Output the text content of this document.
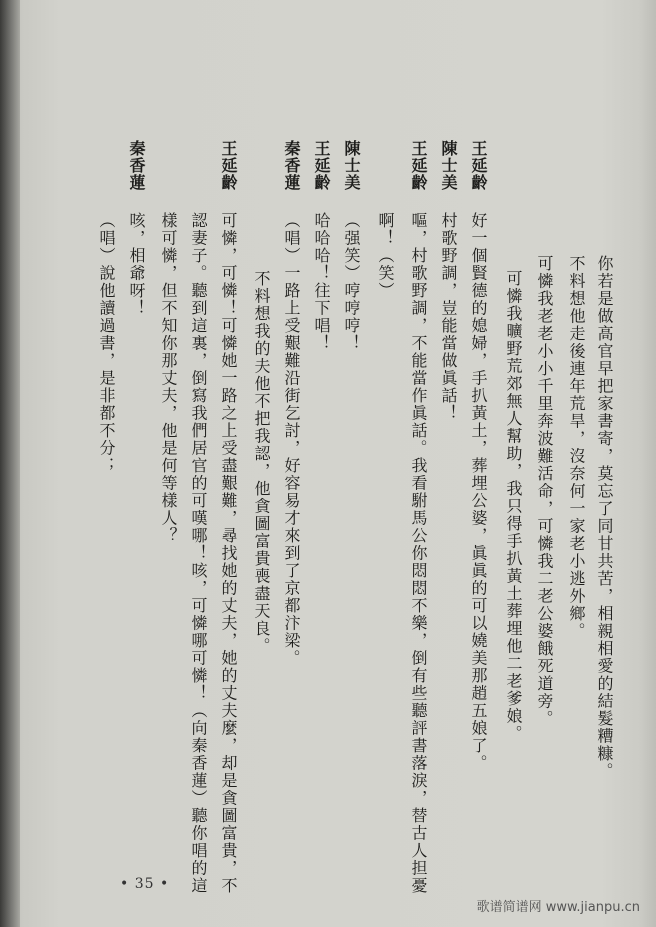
你若是做高官早把家書寄，莫忘了同甘共苦，相親相愛的結髮糟糠。
不料想他走後連年荒旱，沒奈何一家老小逃外鄉。
可憐我老老小小千里奔波難活命，可憐我二老公婆餓死道旁。
可憐我曠野荒郊無人幫助，我只得手扒黃土葬埋他二老爹娘。
王延齡
好一個賢德的媳婦，手扒黃土，葬埋公婆，眞眞的可以嬈美那趙五娘了。
陳士美
村歌野調，豈能當做眞話！
王延齡
嘔，村歌野調，不能當作眞話。我看駙馬公你悶悶不樂，倒有些聽評書落淚，替古人担憂
啊！（笑）
陳士美
（强笑）哼哼哼！
王延齡
哈哈哈！往下唱！
秦香蓮
（唱）一路上受艱難沿街乞討，好容易才來到了京都汴梁。
不料想我的夫他不把我認，他貪圖富貴喪盡天良。
王延齡
可憐，可憐！可憐她一路之上受盡艱難，尋找她的丈夫，她的丈夫麼，却是貪圖富貴，不
認妻子。聽到這裏，倒寫我們居官的可嘆哪！咳，可憐哪可憐！（向秦香蓮）聽你唱的這
樣可憐，但不知你那丈夫，他是何等樣人？
秦香蓮
咳，相爺呀！
（唱）說他讀過書，是非都不分；
• 35 •
歌谱简谱网 www.jianpu.cn
